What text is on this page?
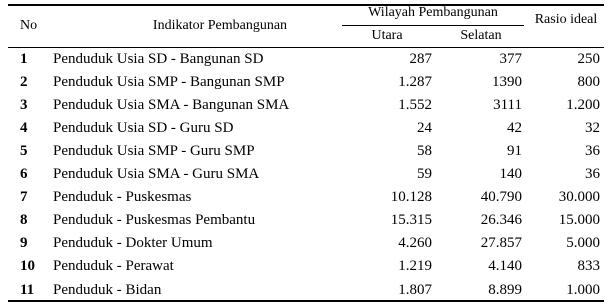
No	Indikator Pembangunan
Wilayah Pembangunan
Utara	Selatan
Rasio ideal
1	Penduduk Usia SD - Bangunan SD	287	377	250
2	Penduduk Usia SMP - Bangunan SMP	1.287	1390	800
3	Penduduk Usia SMA - Bangunan SMA	1.552	3111	1.200
4	Penduduk Usia SD - Guru SD	24	42	32
5	Penduduk Usia SMP - Guru SMP	58	91	36
6	Penduduk Usia SMA - Guru SMA	59	140	36
7	Penduduk - Puskesmas	10.128	40.790	30.000
8	Penduduk - Puskesmas Pembantu	15.315	26.346	15.000
9	Penduduk - Dokter Umum	4.260	27.857	5.000
10	Penduduk - Perawat	1.219	4.140	833
11	Penduduk - Bidan	1.807	8.899	1.000
